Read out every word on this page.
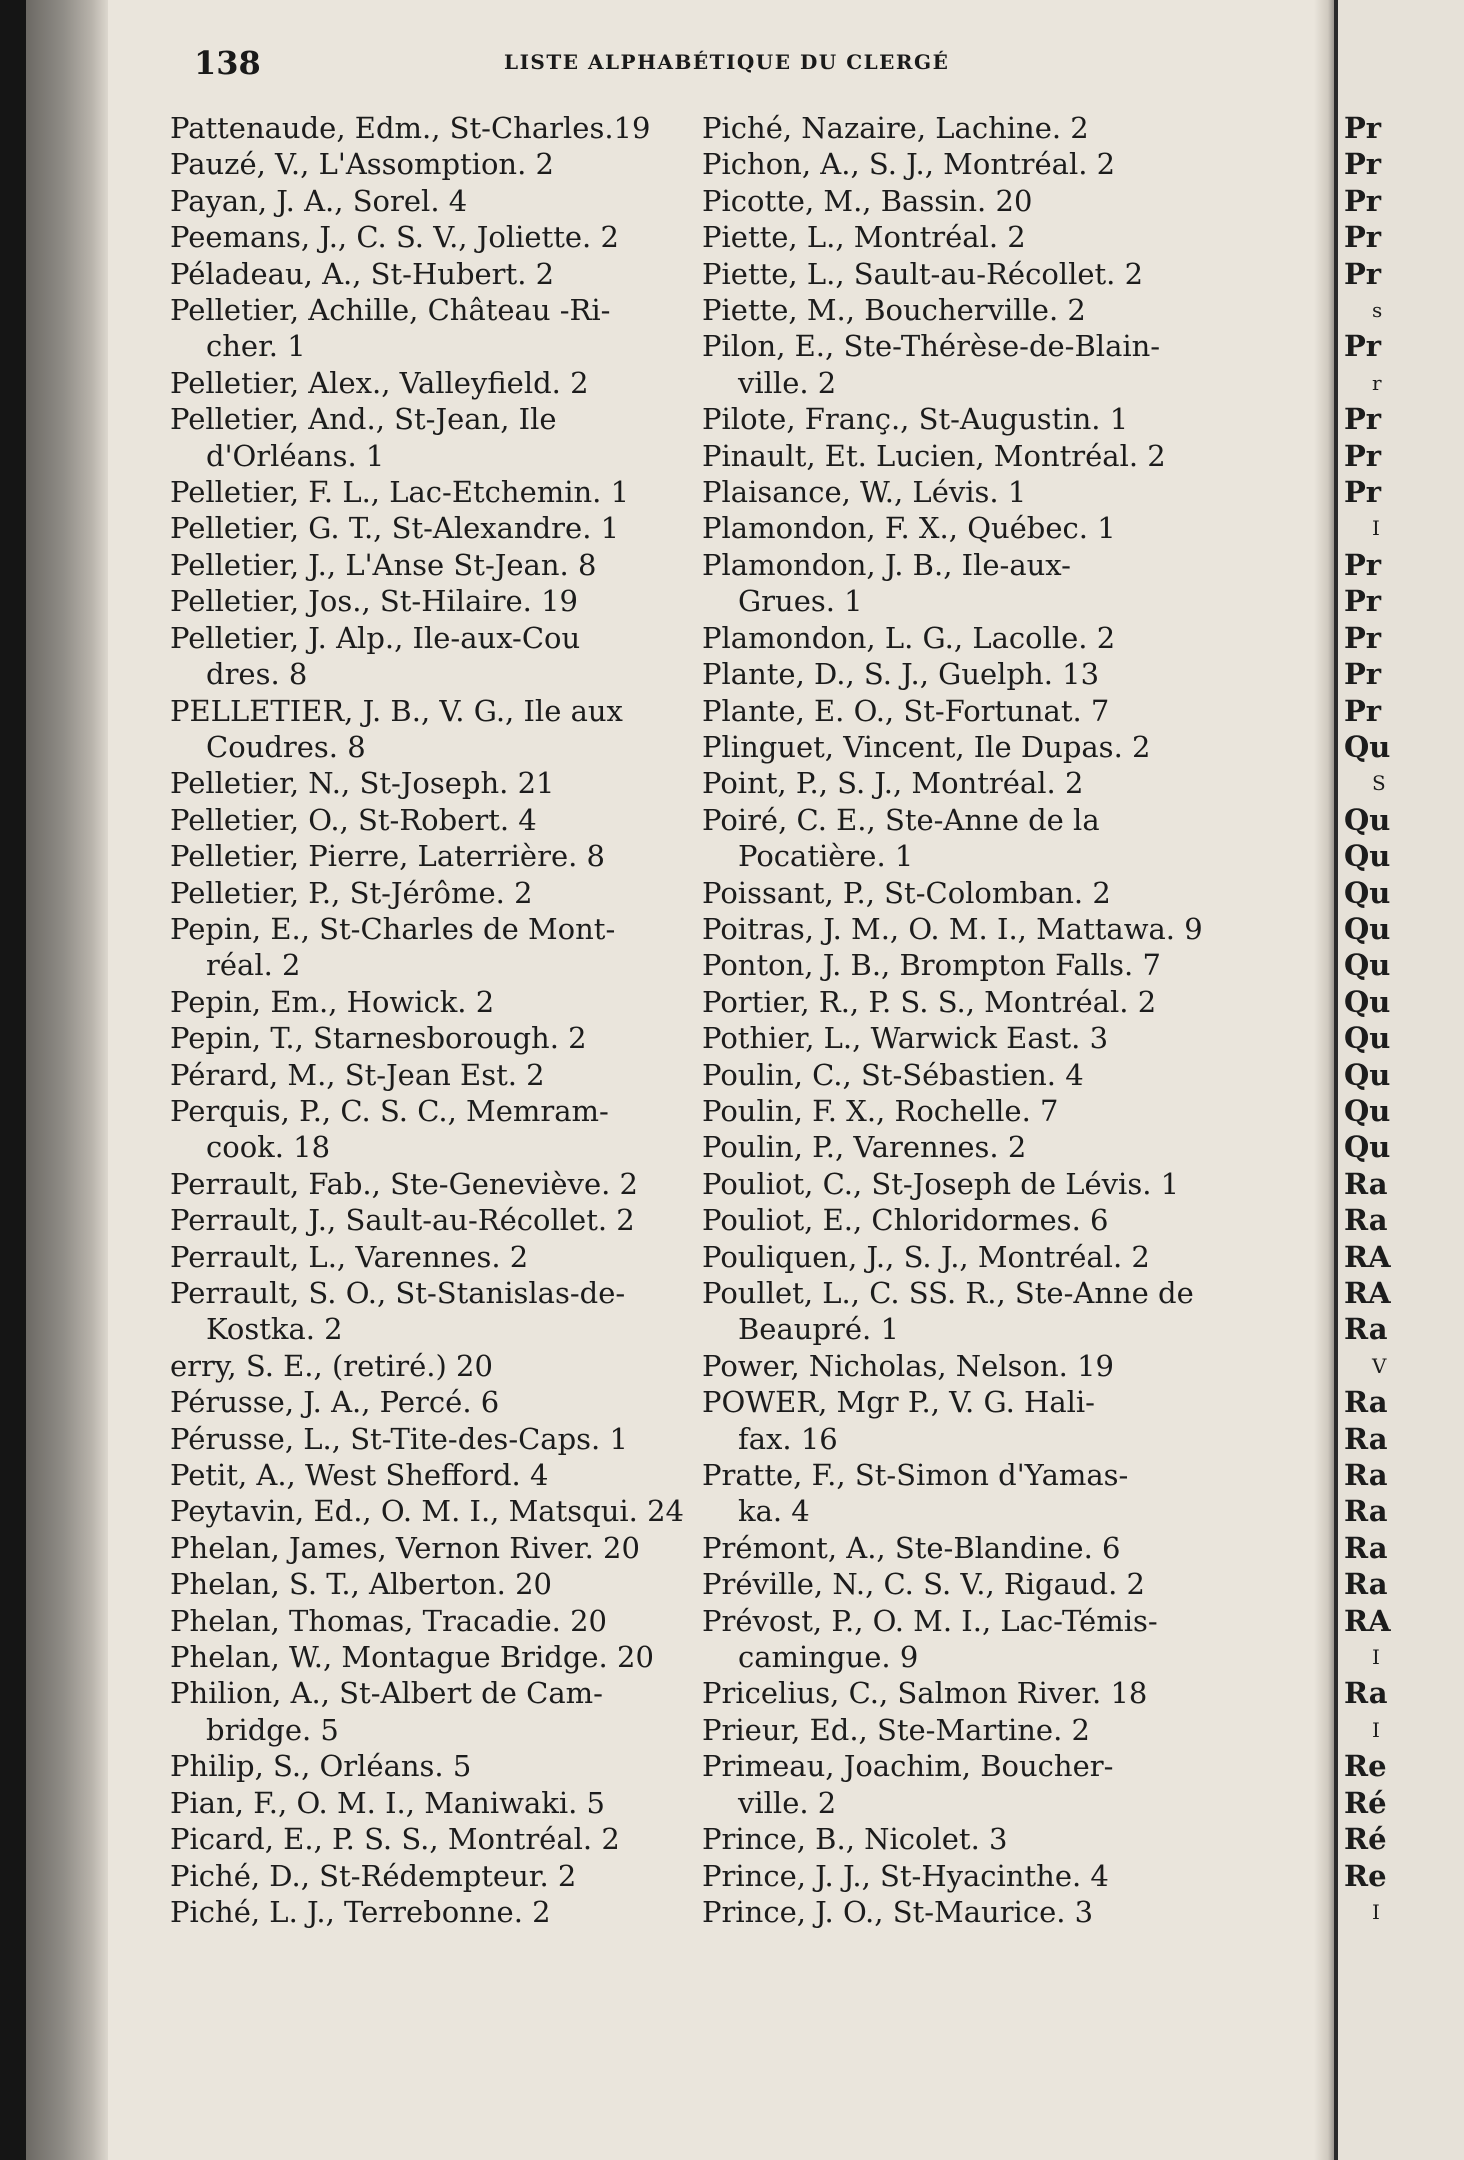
138	LISTE ALPHABÉTIQUE DU CLERGÉ
Pattenaude, Edm., St-Charles.19
Pauzé, V., L'Assomption. 2
Payan, J. A., Sorel. 4
Peemans, J., C. S. V., Joliette. 2
Péladeau, A., St-Hubert. 2
Pelletier, Achille, Château -Ri-
cher. 1
Pelletier, Alex., Valleyfield. 2
Pelletier, And., St-Jean, Ile
d'Orléans. 1
Pelletier, F. L., Lac-Etchemin. 1
Pelletier, G. T., St-Alexandre. 1
Pelletier, J., L'Anse St-Jean. 8
Pelletier, Jos., St-Hilaire. 19
Pelletier, J. Alp., Ile-aux-Cou
dres. 8
PELLETIER, J. B., V. G., Ile aux
Coudres. 8
Pelletier, N., St-Joseph. 21
Pelletier, O., St-Robert. 4
Pelletier, Pierre, Laterrière. 8
Pelletier, P., St-Jérôme. 2
Pepin, E., St-Charles de Mont-
réal. 2
Pepin, Em., Howick. 2
Pepin, T., Starnesborough. 2
Pérard, M., St-Jean Est. 2
Perquis, P., C. S. C., Memram-
cook. 18
Perrault, Fab., Ste-Geneviève. 2
Perrault, J., Sault-au-Récollet. 2
Perrault, L., Varennes. 2
Perrault, S. O., St-Stanislas-de-
Kostka. 2
erry, S. E., (retiré.) 20
Pérusse, J. A., Percé. 6
Pérusse, L., St-Tite-des-Caps. 1
Petit, A., West Shefford. 4
Peytavin, Ed., O. M. I., Matsqui. 24
Phelan, James, Vernon River. 20
Phelan, S. T., Alberton. 20
Phelan, Thomas, Tracadie. 20
Phelan, W., Montague Bridge. 20
Philion, A., St-Albert de Cam-
bridge. 5
Philip, S., Orléans. 5
Pian, F., O. M. I., Maniwaki. 5
Picard, E., P. S. S., Montréal. 2
Piché, D., St-Rédempteur. 2
Piché, L. J., Terrebonne. 2
Piché, Nazaire, Lachine. 2
Pichon, A., S. J., Montréal. 2
Picotte, M., Bassin. 20
Piette, L., Montréal. 2
Piette, L., Sault-au-Récollet. 2
Piette, M., Boucherville. 2
Pilon, E., Ste-Thérèse-de-Blain-
ville. 2
Pilote, Franç., St-Augustin. 1
Pinault, Et. Lucien, Montréal. 2
Plaisance, W., Lévis. 1
Plamondon, F. X., Québec. 1
Plamondon, J. B., Ile-aux-
Grues. 1
Plamondon, L. G., Lacolle. 2
Plante, D., S. J., Guelph. 13
Plante, E. O., St-Fortunat. 7
Plinguet, Vincent, Ile Dupas. 2
Point, P., S. J., Montréal. 2
Poiré, C. E., Ste-Anne de la
Pocatière. 1
Poissant, P., St-Colomban. 2
Poitras, J. M., O. M. I., Mattawa. 9
Ponton, J. B., Brompton Falls. 7
Portier, R., P. S. S., Montréal. 2
Pothier, L., Warwick East. 3
Poulin, C., St-Sébastien. 4
Poulin, F. X., Rochelle. 7
Poulin, P., Varennes. 2
Pouliot, C., St-Joseph de Lévis. 1
Pouliot, E., Chloridormes. 6
Pouliquen, J., S. J., Montréal. 2
Poullet, L., C. SS. R., Ste-Anne de
Beaupré. 1
Power, Nicholas, Nelson. 19
POWER, Mgr P., V. G. Hali-
fax. 16
Pratte, F., St-Simon d'Yamas-
ka. 4
Prémont, A., Ste-Blandine. 6
Préville, N., C. S. V., Rigaud. 2
Prévost, P., O. M. I., Lac-Témis-
camingue. 9
Pricelius, C., Salmon River. 18
Prieur, Ed., Ste-Martine. 2
Primeau, Joachim, Boucher-
ville. 2
Prince, B., Nicolet. 3
Prince, J. J., St-Hyacinthe. 4
Prince, J. O., St-Maurice. 3
Pr
Pr
Pr
Pr
Pr
s
Pr
r
Pr
Pr
Pr
I
Pr
Pr
Pr
Pr
Pr
Qu
S
Qu
Qu
Qu
Qu
Qu
Qu
Qu
Qu
Qu
Qu
Ra
Ra
RA
RA
Ra
V
Ra
Ra
Ra
Ra
Ra
Ra
RA
I
Ra
I
Re
Ré
Ré
Re
I
